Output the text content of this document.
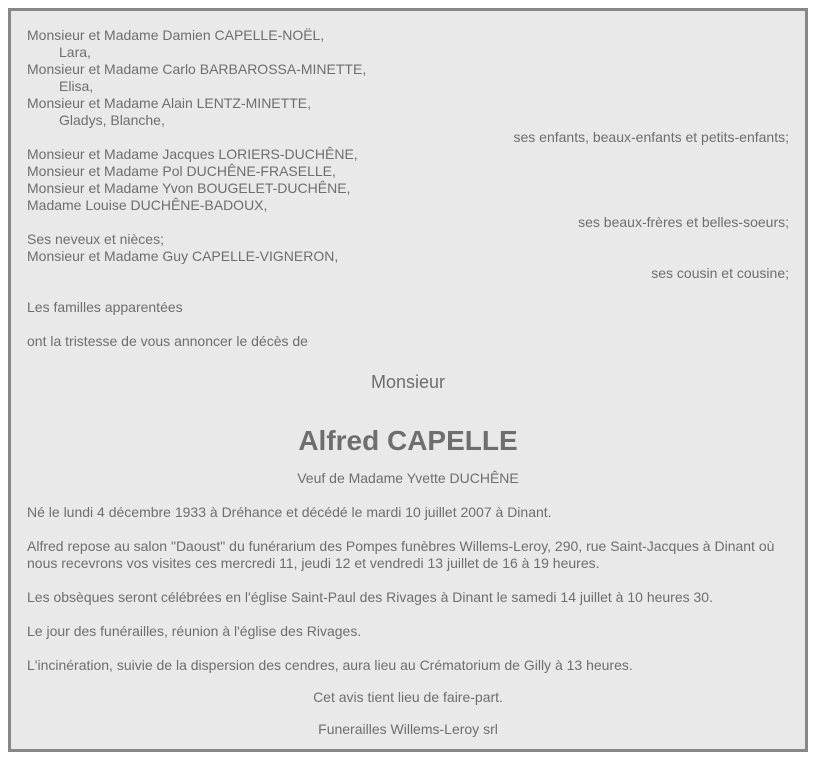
Monsieur et Madame Damien CAPELLE-NOËL,
Lara,
Monsieur et Madame Carlo BARBAROSSA-MINETTE,
Elisa,
Monsieur et Madame Alain LENTZ-MINETTE,
Gladys, Blanche,
ses enfants, beaux-enfants et petits-enfants;
Monsieur et Madame Jacques LORIERS-DUCHÊNE,
Monsieur et Madame Pol DUCHÊNE-FRASELLE,
Monsieur et Madame Yvon BOUGELET-DUCHÊNE,
Madame Louise DUCHÊNE-BADOUX,
ses beaux-frères et belles-soeurs;
Ses neveux et nièces;
Monsieur et Madame Guy CAPELLE-VIGNERON,
ses cousin et cousine;
Les familles apparentées
ont la tristesse de vous annoncer le décès de
Monsieur
Alfred CAPELLE
Veuf de Madame Yvette DUCHÊNE
Né le lundi 4 décembre 1933 à Dréhance et décédé le mardi 10 juillet 2007 à Dinant.
Alfred repose au salon "Daoust" du funérarium des Pompes funèbres Willems-Leroy, 290, rue Saint-Jacques à Dinant où nous recevrons vos visites ces mercredi 11, jeudi 12 et vendredi 13 juillet de 16 à 19 heures.
Les obsèques seront célébrées en l'église Saint-Paul des Rivages à Dinant le samedi 14 juillet à 10 heures 30.
Le jour des funérailles, réunion à l'église des Rivages.
L'incinération, suivie de la dispersion des cendres, aura lieu au Crématorium de Gilly à 13 heures.
Cet avis tient lieu de faire-part.
Funerailles Willems-Leroy srl
